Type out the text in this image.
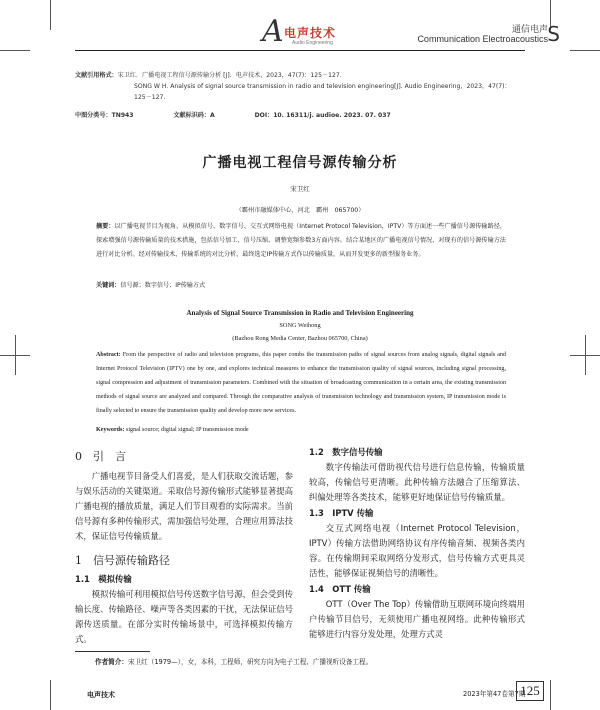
A 电声技术
Audio Engineering
通信电声
Communication Electroacoustics S
文献引用格式：宋卫红．广播电视工程信号源传输分析 [J]．电声技术，2023，47(7)：125－127．
SONG W H. Analysis of signal source transmission in radio and television engineering[J]. Audio Engineering，2023，47(7)：
125－127.
中图分类号：TN943	文献标识码：A	DOI：10. 16311/j. audioe. 2023. 07. 037
广播电视工程信号源传输分析
宋卫红
（霸州市融媒体中心，河北　霸州　065700）
摘要：以广播电视节目为视角，从模拟信号、数字信号、交互式网络电视（Internet Protocol Television，IPTV）等方面述一些广播信号源传输路径，探索增强信号源传输质量的技术措施，包括信号加工、信号压缩、调整宽频参数3方面内容。结合某地区的广播电视信号情况，对现有的信号源传输方法进行对比分析。经对传输技术、传输系统的对比分析，最终选定IP传输方式作以传输质量，从而开发更多的新型服务业务。
关键词：信号源；数字信号；IP传输方式
Analysis of Signal Source Transmission in Radio and Television Engineering
SONG Weihong
(Bazhou Rong Media Center, Bazhou 065700, China)
Abstract: From the perspective of radio and television programs, this paper combs the transmission paths of signal sources from analog signals, digital signals and Internet Protocol Television (IPTV) one by one, and explores technical measures to enhance the transmission quality of signal sources, including signal processing, signal compression and adjustment of transmission parameters. Combined with the situation of broadcasting communication in a certain area, the existing transmission methods of signal source are analyzed and compared. Through the comparative analysis of transmission technology and transmission system, IP transmission mode is finally selected to ensure the transmission quality and develop more new services.
Keywords: signal source; digital signal; IP transmission mode
0　引　言
广播电视节目备受人们喜爱，是人们获取交流话题，参与娱乐活动的关键渠道。采取信号源传输形式能够显著提高广播电视的播放质量，满足人们节目观看的实际需求。当前信号源有多种传输形式，需加强信号处理，合理应用算法技术，保证信号传输质量。
1　信号源传输路径
1.1　模拟传输
模拟传输可利用模拟信号传送数字信号源，但会受到传输长度、传输路径、噪声等各类因素的干扰，无法保证信号源传送质量。在部分实时传输场景中，可选择模拟传输方式。
1.2　数字信号传输
数字传输法可借助视代信号进行信息传输，传输质量较高，传输信号更清晰。此种传输方法融合了压缩算法、纠偏处理等各类技术，能够更好地保证信号传输质量。
1.3　IPTV 传输
交互式网络电视（Internet Protocol Television，IPTV）传输方法借助网络协议有序传输音频、视频各类内容。在传输期间采取网络分发形式，信号传输方式更具灵活性，能够保证视频信号的清晰性。
1.4　OTT 传输
OTT（Over The Top）传输借助互联网环境向终端用户传输节目信号，无须使用广播电视网络。此种传输形式能够进行内容分发处理，处理方式灵
作者简介：宋卫红（1979—），女，本科，工程师，研究方向为电子工程、广播视听设备工程。
电声技术	2023年第47卷第7期
125
